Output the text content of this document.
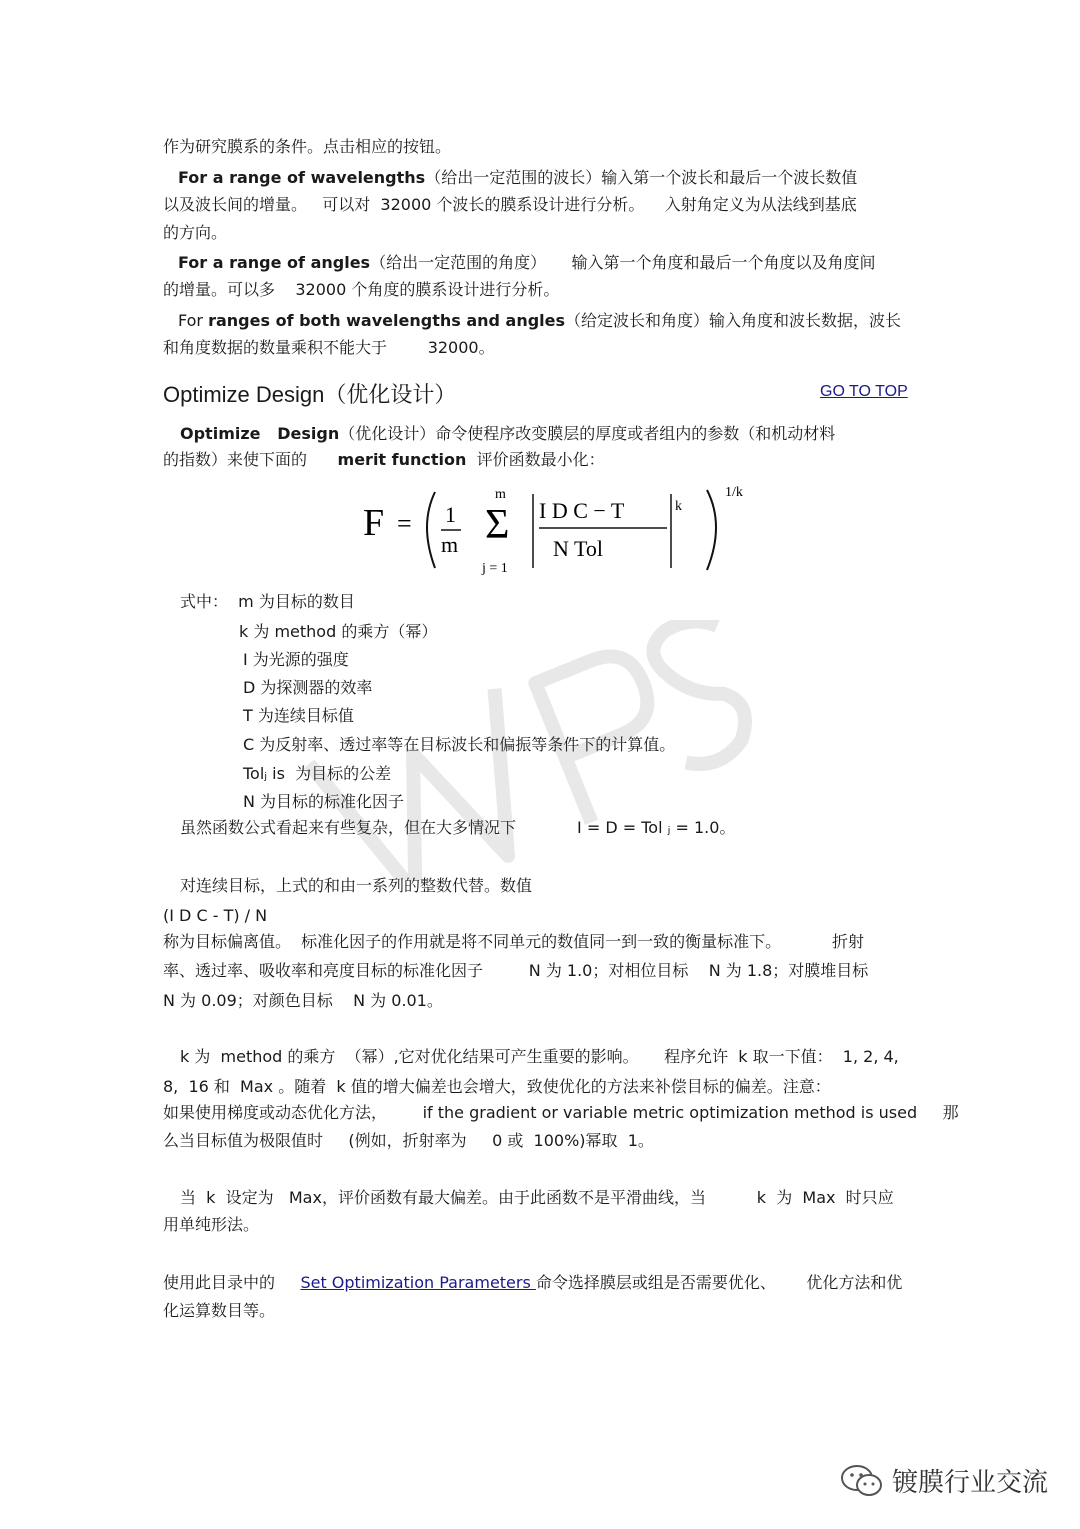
作为研究膜系的条件。点击相应的按钮。
For a range of wavelengths（给出一定范围的波长）输入第一个波长和最后一个波长数值
以及波长间的增量。   可以对  32000 个波长的膜系设计进行分析。    入射角定义为从法线到基底
的方向。
For a range of angles（给出一定范围的角度）     输入第一个角度和最后一个角度以及角度间
的增量。可以多    32000 个角度的膜系设计进行分析。
For ranges of both wavelengths and angles（给定波长和角度）输入角度和波长数据，波长
和角度数据的数量乘积不能大于        32000。
Optimize Design（优化设计）	GO TO TOP
Optimize   Design（优化设计）命令使程序改变膜层的厚度或者组内的参数（和机动材料
的指数）来使下面的      merit function  评价函数最小化：
F = 1
m
m
Σ
j = 1
I D C − T
N Tol
k
1/k
式中：  m 为目标的数目
k 为 method 的乘方（幂）
I 为光源的强度
D 为探测器的效率
T 为连续目标值
C 为反射率、透过率等在目标波长和偏振等条件下的计算值。
Tolⱼ is  为目标的公差
N 为目标的标准化因子
虽然函数公式看起来有些复杂，但在大多情况下            I = D = Tol ⱼ = 1.0。
对连续目标，上式的和由一系列的整数代替。数值
(I D C - T) / N
称为目标偏离值。  标准化因子的作用就是将不同单元的数值同一到一致的衡量标准下。          折射
率、透过率、吸收率和亮度目标的标准化因子         N 为 1.0；对相位目标    N 为 1.8；对膜堆目标
N 为 0.09；对颜色目标    N 为 0.01。
k 为  method 的乘方  （幂）,它对优化结果可产生重要的影响。     程序允许  k 取一下值：  1, 2, 4,
8,  16 和  Max 。随着  k 值的增大偏差也会增大，致使优化的方法来补偿目标的偏差。注意：
如果使用梯度或动态优化方法，       if the gradient or variable metric optimization method is used     那
么当目标值为极限值时     (例如，折射率为     0 或  100%)幂取  1。
当  k  设定为   Max，评价函数有最大偏差。由于此函数不是平滑曲线，当          k  为  Max  时只应
用单纯形法。
使用此目录中的     Set Optimization Parameters 命令选择膜层或组是否需要优化、      优化方法和优
化运算数目等。
镀膜行业交流
